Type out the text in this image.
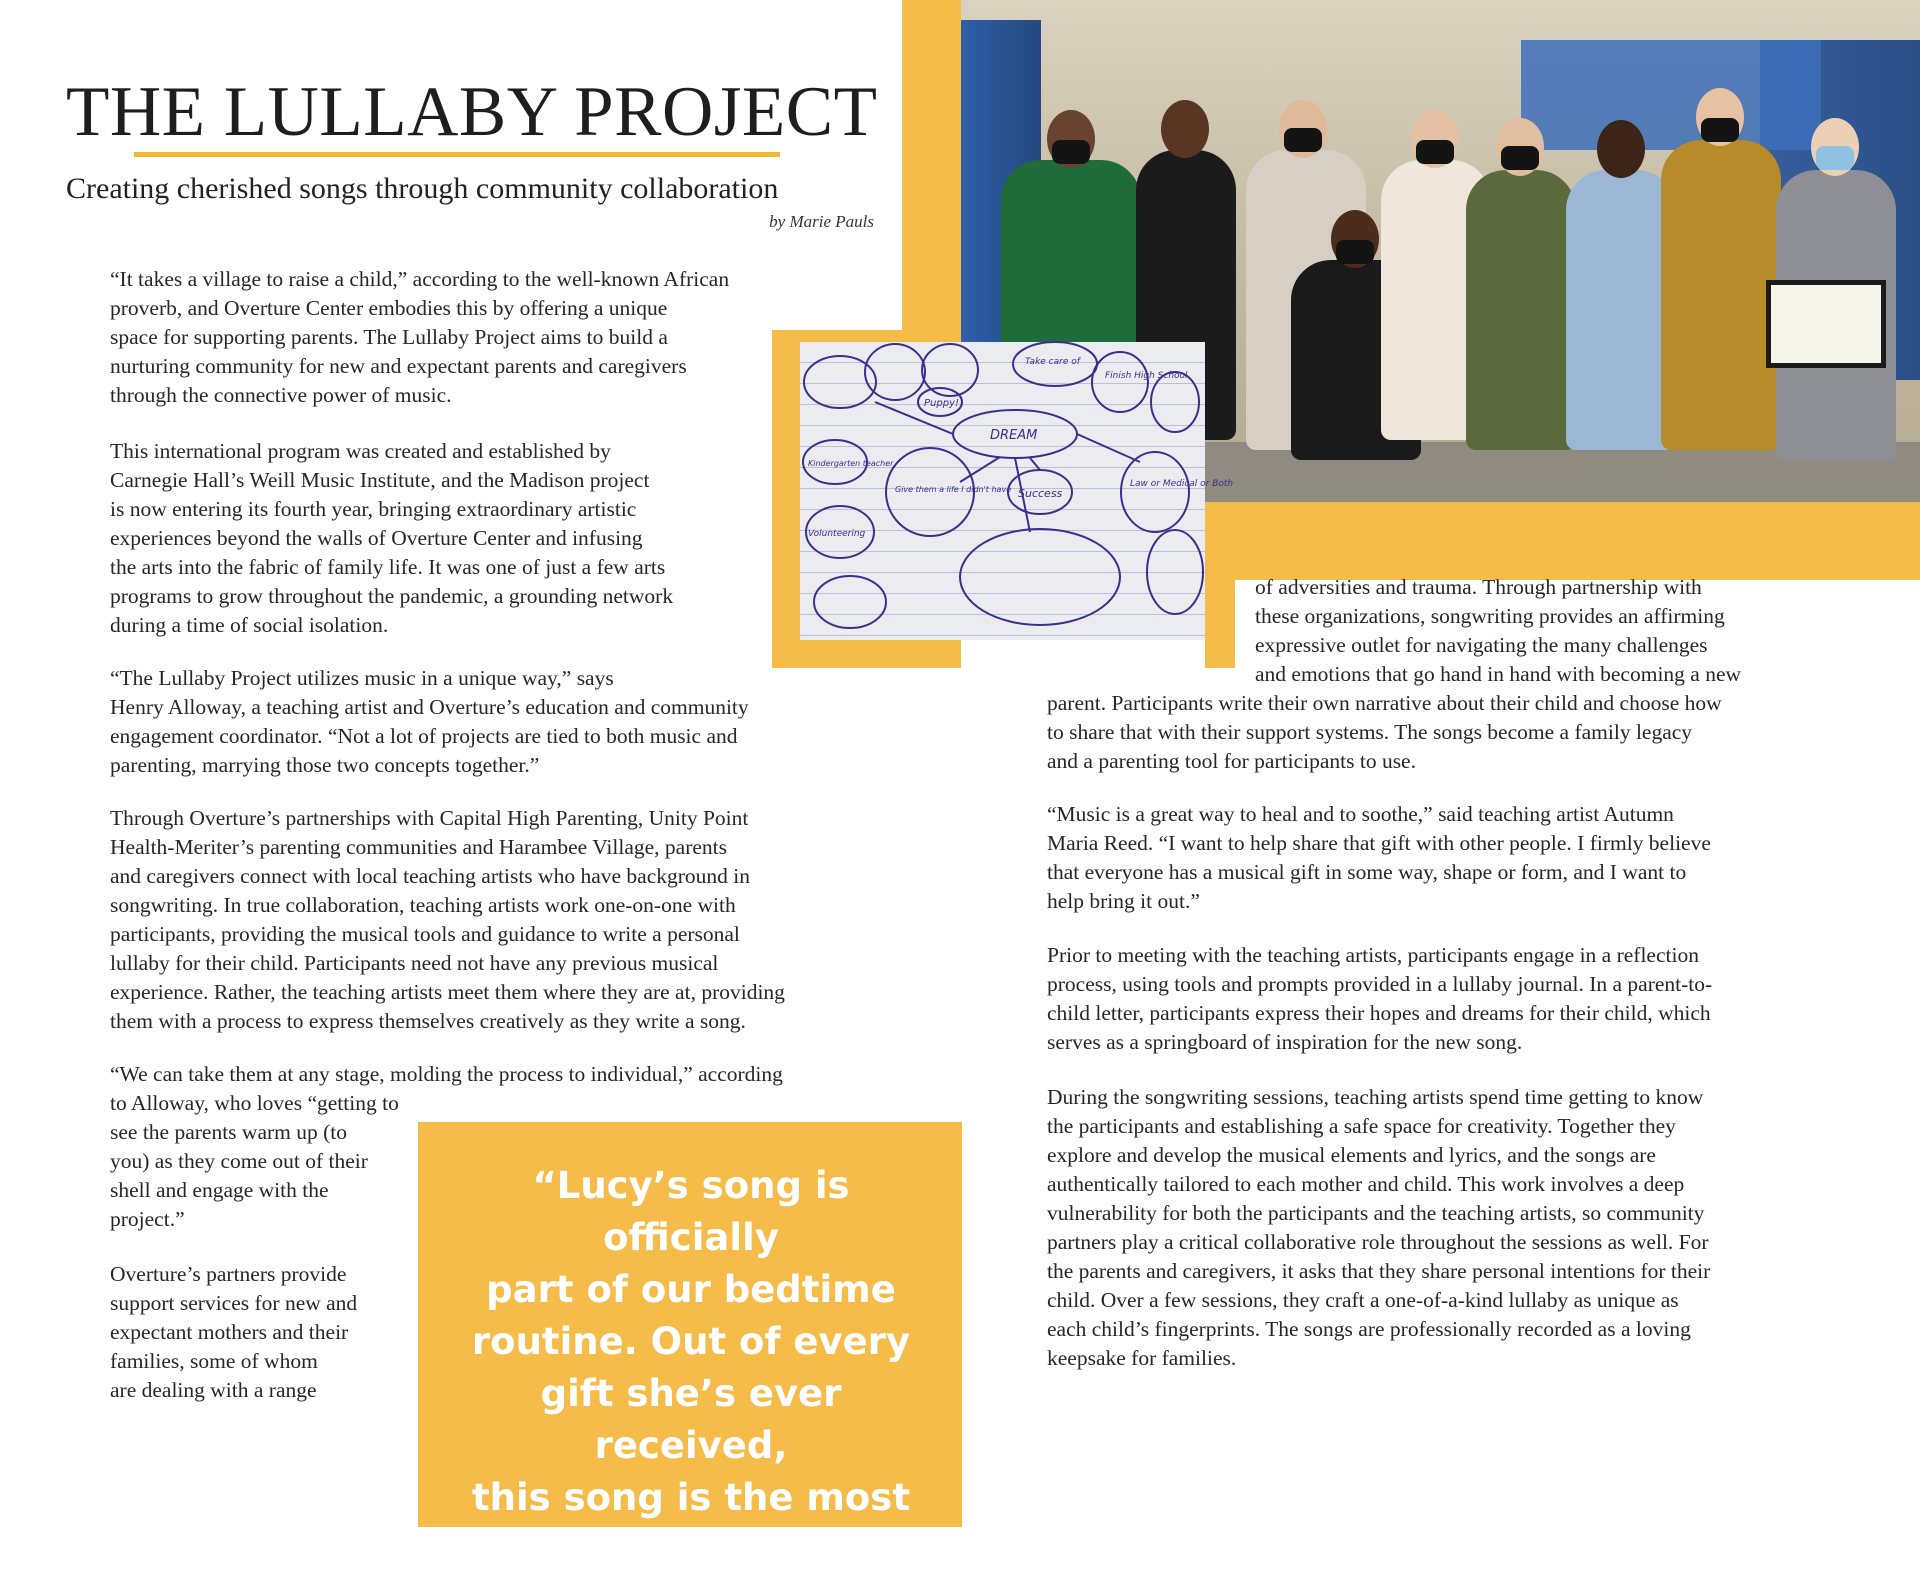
THE LULLABY PROJECT
Creating cherished songs through community collaboration
by Marie Pauls

“It takes a village to raise a child,” according to the well-known African
proverb, and Overture Center embodies this by offering a unique
space for supporting parents. The Lullaby Project aims to build a
nurturing community for new and expectant parents and caregivers
through the connective power of music.

This international program was created and established by
Carnegie Hall’s Weill Music Institute, and the Madison project
is now entering its fourth year, bringing extraordinary artistic
experiences beyond the walls of Overture Center and infusing
the arts into the fabric of family life. It was one of just a few arts
programs to grow throughout the pandemic, a grounding network
during a time of social isolation.

“The Lullaby Project utilizes music in a unique way,” says
Henry Alloway, a teaching artist and Overture’s education and community
engagement coordinator. “Not a lot of projects are tied to both music and
parenting, marrying those two concepts together.”

Through Overture’s partnerships with Capital High Parenting, Unity Point
Health-Meriter’s parenting communities and Harambee Village, parents
and caregivers connect with local teaching artists who have background in
songwriting. In true collaboration, teaching artists work one-on-one with
participants, providing the musical tools and guidance to write a personal
lullaby for their child. Participants need not have any previous musical
experience. Rather, the teaching artists meet them where they are at, providing
them with a process to express themselves creatively as they write a song.

“We can take them at any stage, molding the process to individual,” according
to Alloway, who loves “getting to

see the parents warm up (to
you) as they come out of their
shell and engage with the
project.”

Overture’s partners provide
support services for new and
expectant mothers and their
families, some of whom
are dealing with a range

“Lucy’s song is officially
part of our bedtime
routine. Out of every
gift she’s ever received,
this song is the most
cherished.”

of adversities and trauma. Through partnership with
these organizations, songwriting provides an affirming
expressive outlet for navigating the many challenges
and emotions that go hand in hand with becoming a new

parent. Participants write their own narrative about their child and choose how
to share that with their support systems. The songs become a family legacy
and a parenting tool for participants to use.

“Music is a great way to heal and to soothe,” said teaching artist Autumn
Maria Reed. “I want to help share that gift with other people. I firmly believe
that everyone has a musical gift in some way, shape or form, and I want to
help bring it out.”

Prior to meeting with the teaching artists, participants engage in a reflection
process, using tools and prompts provided in a lullaby journal. In a parent-to-
child letter, participants express their hopes and dreams for their child, which
serves as a springboard of inspiration for the new song.

During the songwriting sessions, teaching artists spend time getting to know
the participants and establishing a safe space for creativity. Together they
explore and develop the musical elements and lyrics, and the songs are
authentically tailored to each mother and child. This work involves a deep
vulnerability for both the participants and the teaching artists, so community
partners play a critical collaborative role throughout the sessions as well. For
the parents and caregivers, it asks that they share personal intentions for their
child. Over a few sessions, they craft a one-of-a-kind lullaby as unique as
each child’s fingerprints. The songs are professionally recorded as a loving
keepsake for families.

DREAM
Finish High School
Law or Medical or Both
Success
Give them a life I didn't have
Volunteering
Kindergarten teacher
Puppy!
Take care of
